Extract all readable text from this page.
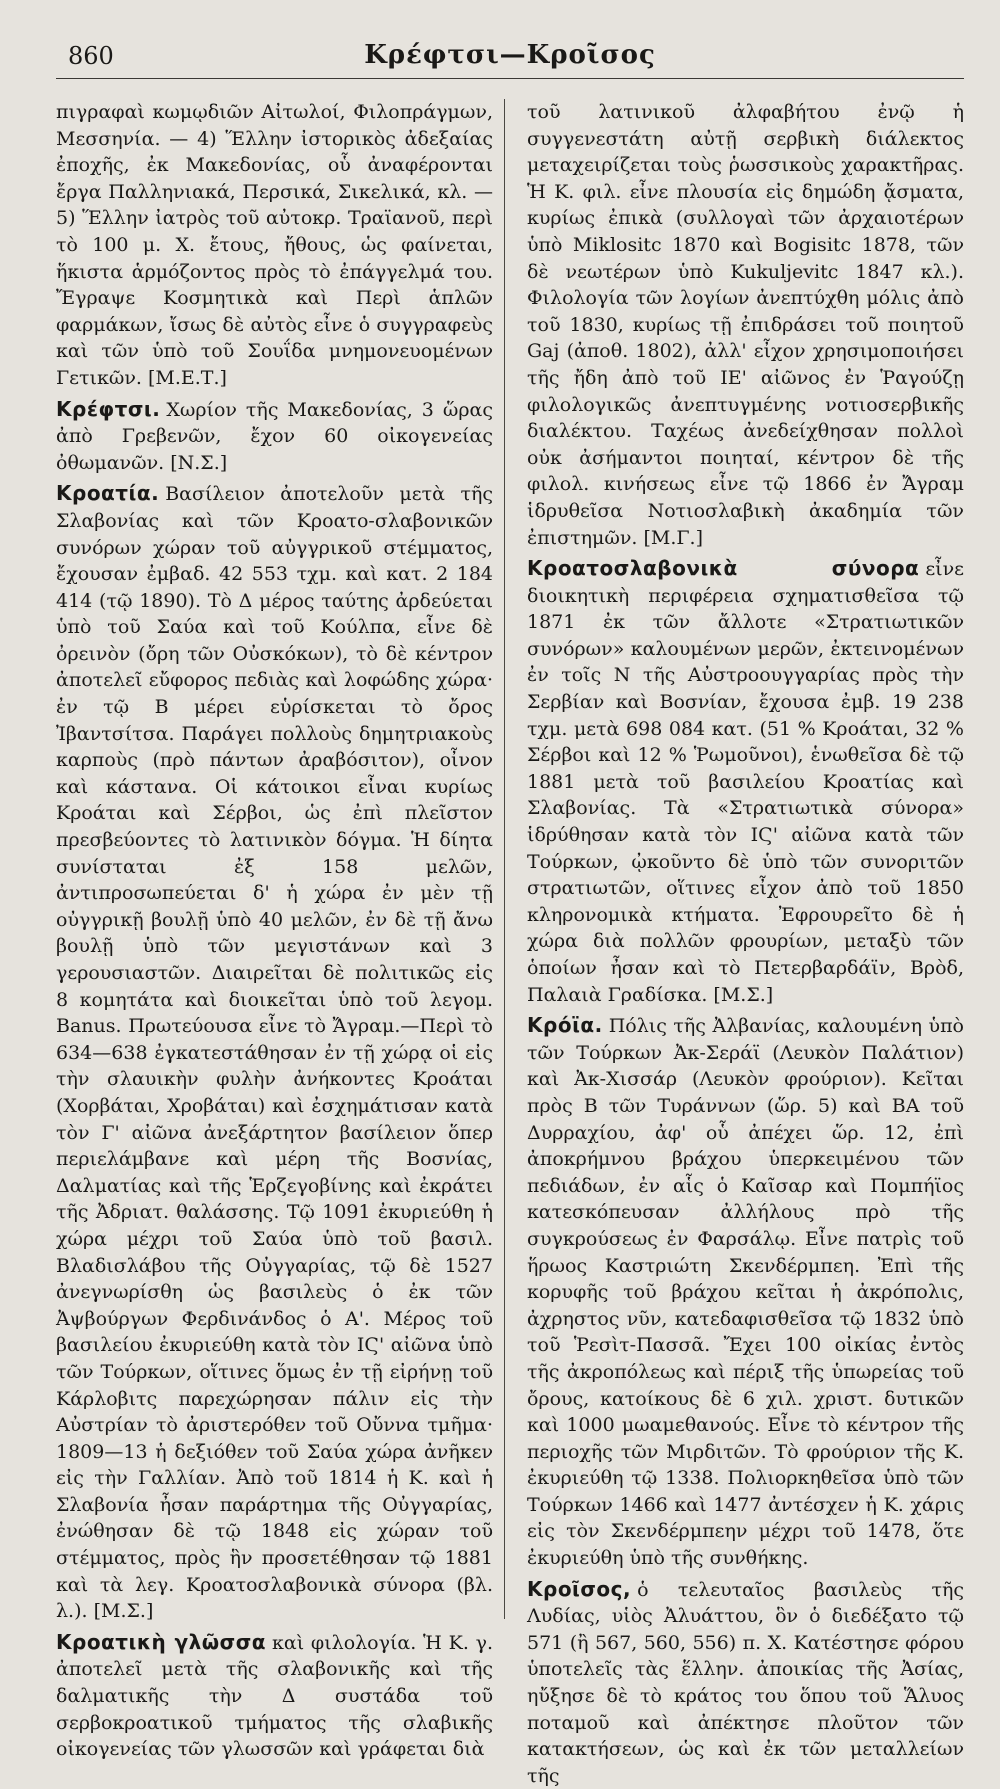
860	Κρέφτσι—Κροῖσος

πιγραφαὶ κωμῳδιῶν Αἰτωλοί, Φιλοπράγμων, Μεσσηνία. — 4) Ἕλλην ἰστορικὸς ἀδεξαίας ἐποχῆς, ἐκ Μακεδονίας, οὗ ἀναφέρονται ἔργα Παλληνιακά, Περσικά, Σικελικά, κλ. — 5) Ἕλλην ἰατρὸς τοῦ αὐτοκρ. Τραϊανοῦ, περὶ τὸ 100 μ. Χ. ἔτους, ἤθους, ὡς φαίνεται, ἥκιστα ἁρμόζοντος πρὸς τὸ ἐπάγγελμά του. Ἔγραψε Κοσμητικὰ καὶ Περὶ ἁπλῶν φαρμάκων, ἴσως δὲ αὐτὸς εἶνε ὁ συγγραφεὺς καὶ τῶν ὑπὸ τοῦ Σουΐδα μνημονευομένων Γετικῶν. [Μ.Ε.Τ.]

Κρέφτσι. Χωρίον τῆς Μακεδονίας, 3 ὥρας ἀπὸ Γρεβενῶν, ἔχον 60 οἰκογενείας ὀθωμανῶν. [Ν.Σ.]

Κροατία. Βασίλειον ἀποτελοῦν μετὰ τῆς Σλαβονίας καὶ τῶν Κροατο-σλαβονικῶν συνόρων χώραν τοῦ αὐγγρικοῦ στέμματος, ἔχουσαν ἐμβαδ. 42 553 τχμ. καὶ κατ. 2 184 414 (τῷ 1890). Τὸ Δ μέρος ταύτης ἀρδεύεται ὑπὸ τοῦ Σαύα καὶ τοῦ Κούλπα, εἶνε δὲ ὀρεινὸν (ὄρη τῶν Οὐσκόκων), τὸ δὲ κέντρον ἀποτελεῖ εὔφορος πεδιὰς καὶ λοφώδης χώρα· ἐν τῷ Β μέρει εὑρίσκεται τὸ ὄρος Ἰβαντσίτσα. Παράγει πολλοὺς δημητριακοὺς καρποὺς (πρὸ πάντων ἀραβόσιτον), οἶνον καὶ κάστανα. Οἱ κάτοικοι εἶναι κυρίως Κροάται καὶ Σέρβοι, ὡς ἐπὶ πλεῖστον πρεσβεύοντες τὸ λατινικὸν δόγμα. Ἡ δίητα συνίσταται ἐξ 158 μελῶν, ἀντιπροσωπεύεται δ' ἡ χώρα ἐν μὲν τῇ οὐγγρικῇ βουλῇ ὑπὸ 40 μελῶν, ἐν δὲ τῇ ἄνω βουλῇ ὑπὸ τῶν μεγιστάνων καὶ 3 γερουσιαστῶν. Διαιρεῖται δὲ πολιτικῶς εἰς 8 κομητάτα καὶ διοικεῖται ὑπὸ τοῦ λεγομ. Banus. Πρωτεύουσα εἶνε τὸ Ἄγραμ.—Περὶ τὸ 634—638 ἐγκατεστάθησαν ἐν τῇ χώρᾳ οἱ εἰς τὴν σλαυικὴν φυλὴν ἀνήκοντες Κροάται (Χορβάται, Χροβάται) καὶ ἐσχημάτισαν κατὰ τὸν Γ' αἰῶνα ἀνεξάρτητον βασίλειον ὅπερ περιελάμβανε καὶ μέρη τῆς Βοσνίας, Δαλματίας καὶ τῆς Ἑρζεγοβίνης καὶ ἐκράτει τῆς Ἀδριατ. θαλάσσης. Τῷ 1091 ἐκυριεύθη ἡ χώρα μέχρι τοῦ Σαύα ὑπὸ τοῦ βασιλ. Βλαδισλάβου τῆς Οὐγγαρίας, τῷ δὲ 1527 ἀνεγνωρίσθη ὡς βασιλεὺς ὁ ἐκ τῶν Ἀψβούργων Φερδινάνδος ὁ Α'. Μέρος τοῦ βασιλείου ἐκυριεύθη κατὰ τὸν ΙϚ' αἰῶνα ὑπὸ τῶν Τούρκων, οἵτινες ὅμως ἐν τῇ εἰρήνῃ τοῦ Κάρλοβιτς παρεχώρησαν πάλιν εἰς τὴν Αὐστρίαν τὸ ἀριστερόθεν τοῦ Οὔννα τμῆμα· 1809—13 ἡ δεξιόθεν τοῦ Σαύα χώρα ἀνῆκεν εἰς τὴν Γαλλίαν. Ἀπὸ τοῦ 1814 ἡ Κ. καὶ ἡ Σλαβονία ἦσαν παράρτημα τῆς Οὐγγαρίας, ἐνώθησαν δὲ τῷ 1848 εἰς χώραν τοῦ στέμματος, πρὸς ἣν προσετέθησαν τῷ 1881 καὶ τὰ λεγ. Κροατοσλαβονικὰ σύνορα (βλ. λ.). [Μ.Σ.]

Κροατικὴ γλῶσσα καὶ φιλολογία. Ἡ Κ. γ. ἀποτελεῖ μετὰ τῆς σλαβονικῆς καὶ τῆς δαλματικῆς τὴν Δ συστάδα τοῦ σερβοκροατικοῦ τμήματος τῆς σλαβικῆς οἰκογενείας τῶν γλωσσῶν καὶ γράφεται διὰ

τοῦ λατινικοῦ ἀλφαβήτου ἐνῷ ἡ συγγενεστάτη αὐτῇ σερβικὴ διάλεκτος μεταχειρίζεται τοὺς ῥωσσικοὺς χαρακτῆρας. Ἡ Κ. φιλ. εἶνε πλουσία εἰς δημώδη ᾄσματα, κυρίως ἐπικὰ (συλλογαὶ τῶν ἀρχαιοτέρων ὑπὸ Miklositc 1870 καὶ Bogisitc 1878, τῶν δὲ νεωτέρων ὑπὸ Kukuljevitc 1847 κλ.). Φιλολογία τῶν λογίων ἀνεπτύχθη μόλις ἀπὸ τοῦ 1830, κυρίως τῇ ἐπιδράσει τοῦ ποιητοῦ Gaj (ἀποθ. 1802), ἀλλ' εἶχον χρησιμοποιήσει τῆς ἤδη ἀπὸ τοῦ ΙΕ' αἰῶνος ἐν Ῥαγούζῃ φιλολογικῶς ἀνεπτυγμένης νοτιοσερβικῆς διαλέκτου. Ταχέως ἀνεδείχθησαν πολλοὶ οὐκ ἀσήμαντοι ποιηταί, κέντρον δὲ τῆς φιλολ. κινήσεως εἶνε τῷ 1866 ἐν Ἄγραμ ἱδρυθεῖσα Νοτιοσλαβικὴ ἀκαδημία τῶν ἐπιστημῶν. [Μ.Γ.]

Κροατοσλαβονικὰ σύνορα εἶνε διοικητικὴ περιφέρεια σχηματισθεῖσα τῷ 1871 ἐκ τῶν ἄλλοτε «Στρατιωτικῶν συνόρων» καλουμένων μερῶν, ἐκτεινομένων ἐν τοῖς Ν τῆς Αὐστροουγγαρίας πρὸς τὴν Σερβίαν καὶ Βοσνίαν, ἔχουσα ἐμβ. 19 238 τχμ. μετὰ 698 084 κατ. (51 % Κροάται, 32 % Σέρβοι καὶ 12 % Ῥωμοῦνοι), ἑνωθεῖσα δὲ τῷ 1881 μετὰ τοῦ βασιλείου Κροατίας καὶ Σλαβονίας. Τὰ «Στρατιωτικὰ σύνορα» ἱδρύθησαν κατὰ τὸν ΙϚ' αἰῶνα κατὰ τῶν Τούρκων, ᾠκοῦντο δὲ ὑπὸ τῶν συνοριτῶν στρατιωτῶν, οἵτινες εἶχον ἀπὸ τοῦ 1850 κληρονομικὰ κτήματα. Ἐφρουρεῖτο δὲ ἡ χώρα διὰ πολλῶν φρουρίων, μεταξὺ τῶν ὁποίων ἦσαν καὶ τὸ Πετερβαρδάϊν, Βρὸδ, Παλαιὰ Γραδίσκα. [Μ.Σ.]

Κρόϊα. Πόλις τῆς Ἀλβανίας, καλουμένη ὑπὸ τῶν Τούρκων Ἀκ-Σεράϊ (Λευκὸν Παλάτιον) καὶ Ἀκ-Χισσάρ (Λευκὸν φρούριον). Κεῖται πρὸς Β τῶν Τυράννων (ὥρ. 5) καὶ ΒΑ τοῦ Δυρραχίου, ἀφ' οὗ ἀπέχει ὥρ. 12, ἐπὶ ἀποκρήμνου βράχου ὑπερκειμένου τῶν πεδιάδων, ἐν αἷς ὁ Καῖσαρ καὶ Πομπήϊος κατεσκόπευσαν ἀλλήλους πρὸ τῆς συγκρούσεως ἐν Φαρσάλῳ. Εἶνε πατρὶς τοῦ ἥρωος Καστριώτη Σκενδέρμπεη. Ἐπὶ τῆς κορυφῆς τοῦ βράχου κεῖται ἡ ἀκρόπολις, ἀχρηστος νῦν, κατεδαφισθεῖσα τῷ 1832 ὑπὸ τοῦ Ῥεσὶτ-Πασσᾶ. Ἔχει 100 οἰκίας ἐντὸς τῆς ἀκροπόλεως καὶ πέριξ τῆς ὑπωρείας τοῦ ὄρους, κατοίκους δὲ 6 χιλ. χριστ. δυτικῶν καὶ 1000 μωαμεθανούς. Εἶνε τὸ κέντρον τῆς περιοχῆς τῶν Μιρδιτῶν. Τὸ φρούριον τῆς Κ. ἐκυριεύθη τῷ 1338. Πολιορκηθεῖσα ὑπὸ τῶν Τούρκων 1466 καὶ 1477 ἀντέσχεν ἡ Κ. χάρις εἰς τὸν Σκενδέρμπεην μέχρι τοῦ 1478, ὅτε ἐκυριεύθη ὑπὸ τῆς συνθήκης.

Κροῖσος, ὁ τελευταῖος βασιλεὺς τῆς Λυδίας, υἱὸς Ἀλυάττου, ὃν ὁ διεδέξατο τῷ 571 (ἢ 567, 560, 556) π. Χ. Κατέστησε φόρου ὑποτελεῖς τὰς ἕλλην. ἀποικίας τῆς Ἀσίας, ηὔξησε δὲ τὸ κράτος του ὅπου τοῦ Ἅλυος ποταμοῦ καὶ ἀπέκτησε πλοῦτον τῶν κατακτήσεων, ὡς καὶ ἐκ τῶν μεταλλείων τῆς
